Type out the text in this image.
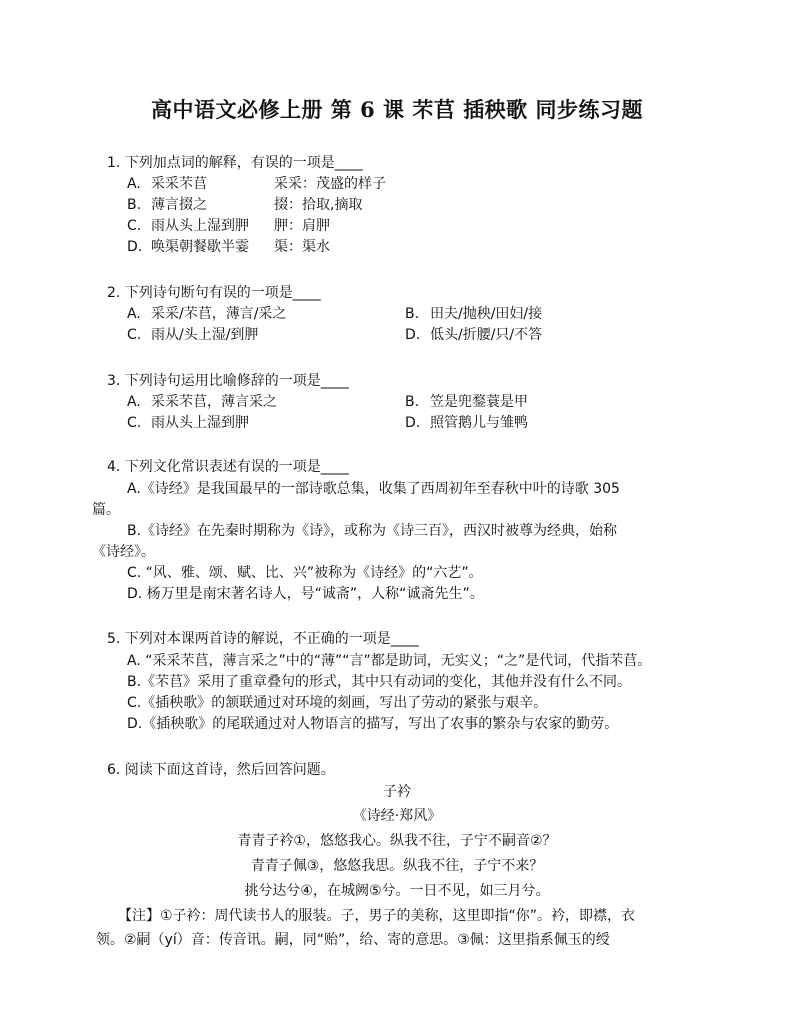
高中语文必修上册 第 6 课 芣苢 插秧歌 同步练习题
1. 下列加点词的解释，有误的一项是____
A. 采采芣苢	采采：茂盛的样子
B. 薄言掇之	掇：拾取,摘取
C. 雨从头上湿到胛 胛：肩胛
D. 唤渠朝餐歇半霎 渠：渠水
2. 下列诗句断句有误的一项是____
A. 采采/芣苢，薄言/采之	B. 田夫/抛秧/田妇/接
C. 雨从/头上湿/到胛	D. 低头/折腰/只/不答
3. 下列诗句运用比喻修辞的一项是____
A. 采采芣苢，薄言采之	B. 笠是兜鍪蓑是甲
C. 雨从头上湿到胛	D. 照管鹅儿与雏鸭
4. 下列文化常识表述有误的一项是____
A.《诗经》是我国最早的一部诗歌总集，收集了西周初年至春秋中叶的诗歌 305
篇。
B.《诗经》在先秦时期称为《诗》，或称为《诗三百》，西汉时被尊为经典，始称
《诗经》。
C. “风、雅、颂、赋、比、兴”被称为《诗经》的“六艺”。
D. 杨万里是南宋著名诗人，号“诚斋”，人称“诚斋先生”。
5. 下列对本课两首诗的解说，不正确的一项是____
A. “采采芣苢，薄言采之”中的“薄”“言”都是助词，无实义；“之”是代词，代指芣苢。
B.《芣苢》采用了重章叠句的形式，其中只有动词的变化，其他并没有什么不同。
C.《插秧歌》的颔联通过对环境的刻画，写出了劳动的紧张与艰辛。
D.《插秧歌》的尾联通过对人物语言的描写，写出了农事的繁杂与农家的勤劳。
6. 阅读下面这首诗，然后回答问题。
子衿
《诗经·郑风》
青青子衿①，悠悠我心。纵我不往，子宁不嗣音②？
青青子佩③，悠悠我思。纵我不往，子宁不来？
挑兮达兮④，在城阙⑤兮。一日不见，如三月兮。
【注】①子衿：周代读书人的服装。子，男子的美称，这里即指“你”。衿，即襟，衣
领。②嗣（yí）音：传音讯。嗣，同“贻”，给、寄的意思。③佩：这里指系佩玉的绶
